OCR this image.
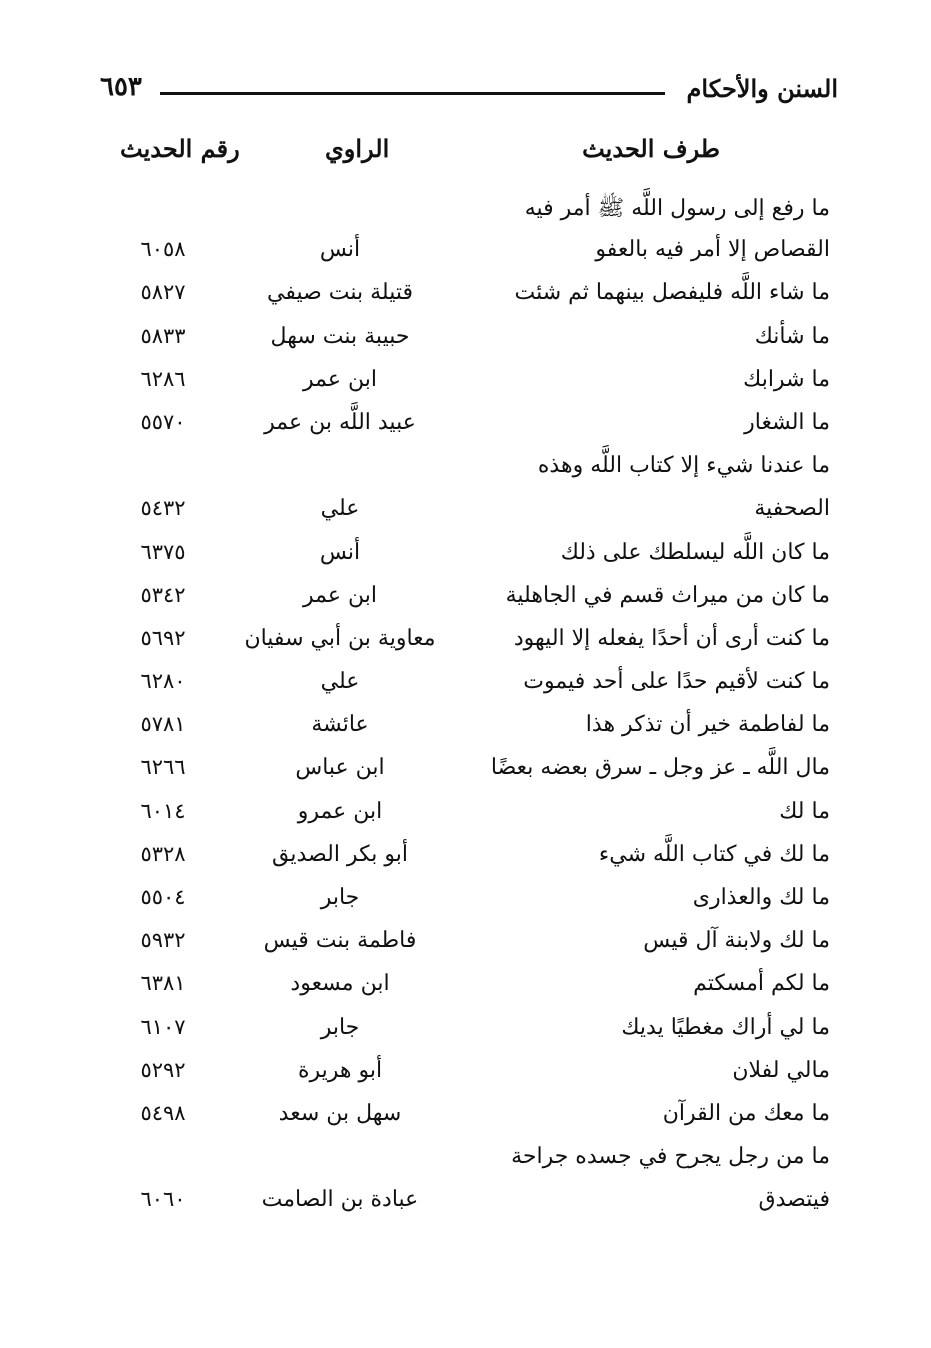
السنن والأحكام
٦٥٣
طرف الحديث
الراوي
رقم الحديث
ما رفع إلى رسول اللَّه ﷺ أمر فيه
القصاص إلا أمر فيه بالعفو
أنس
٦٠٥٨
ما شاء اللَّه فليفصل بينهما ثم شئت
قتيلة بنت صيفي
٥٨٢٧
ما شأنك
حبيبة بنت سهل
٥٨٣٣
ما شرابك
ابن عمر
٦٢٨٦
ما الشغار
عبيد اللَّه بن عمر
٥٥٧٠
ما عندنا شيء إلا كتاب اللَّه وهذه
الصحفية
علي
٥٤٣٢
ما كان اللَّه ليسلطك على ذلك
أنس
٦٣٧٥
ما كان من ميراث قسم في الجاهلية
ابن عمر
٥٣٤٢
ما كنت أرى أن أحدًا يفعله إلا اليهود
معاوية بن أبي سفيان
٥٦٩٢
ما كنت لأقيم حدًا على أحد فيموت
علي
٦٢٨٠
ما لفاطمة خير أن تذكر هذا
عائشة
٥٧٨١
مال اللَّه ـ عز وجل ـ سرق بعضه بعضًا
ابن عباس
٦٢٦٦
ما لك
ابن عمرو
٦٠١٤
ما لك في كتاب اللَّه شيء
أبو بكر الصديق
٥٣٢٨
ما لك والعذارى
جابر
٥٥٠٤
ما لك ولابنة آل قيس
فاطمة بنت قيس
٥٩٣٢
ما لكم أمسكتم
ابن مسعود
٦٣٨١
ما لي أراك مغطيًا يديك
جابر
٦١٠٧
مالي لفلان
أبو هريرة
٥٢٩٢
ما معك من القرآن
سهل بن سعد
٥٤٩٨
ما من رجل يجرح في جسده جراحة
فيتصدق
عبادة بن الصامت
٦٠٦٠
